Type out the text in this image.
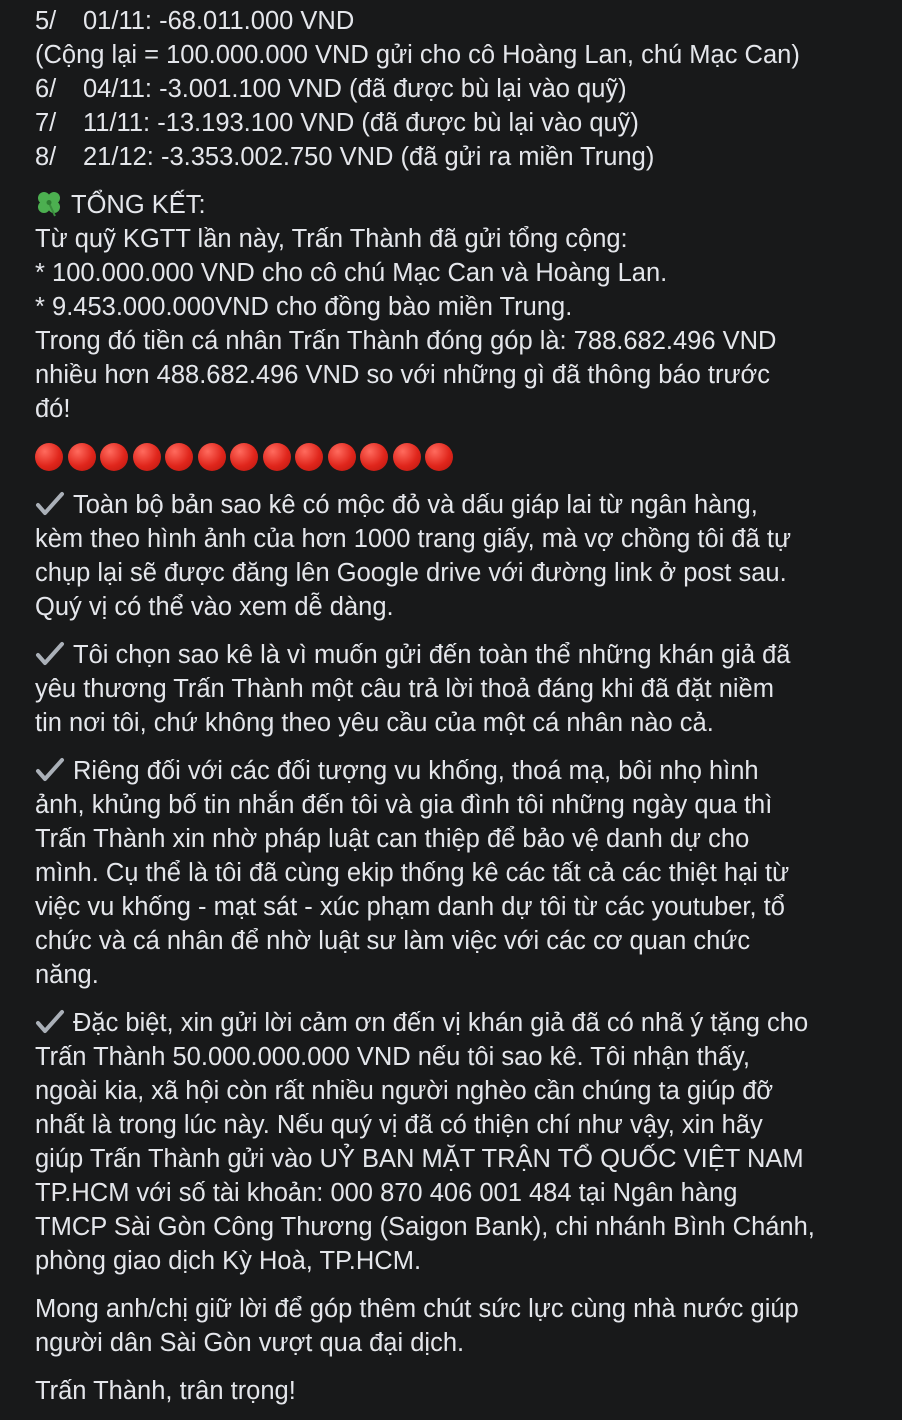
5/ 01/11: -68.011.000 VND
(Cộng lại = 100.000.000 VND gửi cho cô Hoàng Lan, chú Mạc Can)
6/ 04/11: -3.001.100 VND (đã được bù lại vào quỹ)
7/ 11/11: -13.193.100 VND (đã được bù lại vào quỹ)
8/ 21/12: -3.353.002.750 VND (đã gửi ra miền Trung)
TỔNG KẾT:
Từ quỹ KGTT lần này, Trấn Thành đã gửi tổng cộng:
* 100.000.000 VND cho cô chú Mạc Can và Hoàng Lan.
* 9.453.000.000VND cho đồng bào miền Trung.
Trong đó tiền cá nhân Trấn Thành đóng góp là: 788.682.496 VND
nhiều hơn 488.682.496 VND so với những gì đã thông báo trước
đó!
Toàn bộ bản sao kê có mộc đỏ và dấu giáp lai từ ngân hàng,
kèm theo hình ảnh của hơn 1000 trang giấy, mà vợ chồng tôi đã tự
chụp lại sẽ được đăng lên Google drive với đường link ở post sau.
Quý vị có thể vào xem dễ dàng.
Tôi chọn sao kê là vì muốn gửi đến toàn thể những khán giả đã
yêu thương Trấn Thành một câu trả lời thoả đáng khi đã đặt niềm
tin nơi tôi, chứ không theo yêu cầu của một cá nhân nào cả.
Riêng đối với các đối tượng vu khống, thoá mạ, bôi nhọ hình
ảnh, khủng bố tin nhắn đến tôi và gia đình tôi những ngày qua thì
Trấn Thành xin nhờ pháp luật can thiệp để bảo vệ danh dự cho
mình. Cụ thể là tôi đã cùng ekip thống kê các tất cả các thiệt hại từ
việc vu khống - mạt sát - xúc phạm danh dự tôi từ các youtuber, tổ
chức và cá nhân để nhờ luật sư làm việc với các cơ quan chức
năng.
Đặc biệt, xin gửi lời cảm ơn đến vị khán giả đã có nhã ý tặng cho
Trấn Thành 50.000.000.000 VND nếu tôi sao kê. Tôi nhận thấy,
ngoài kia, xã hội còn rất nhiều người nghèo cần chúng ta giúp đỡ
nhất là trong lúc này. Nếu quý vị đã có thiện chí như vậy, xin hãy
giúp Trấn Thành gửi vào UỶ BAN MẶT TRẬN TỔ QUỐC VIỆT NAM
TP.HCM với số tài khoản: 000 870 406 001 484 tại Ngân hàng
TMCP Sài Gòn Công Thương (Saigon Bank), chi nhánh Bình Chánh,
phòng giao dịch Kỳ Hoà, TP.HCM.
Mong anh/chị giữ lời để góp thêm chút sức lực cùng nhà nước giúp
người dân Sài Gòn vượt qua đại dịch.
Trấn Thành, trân trọng!
